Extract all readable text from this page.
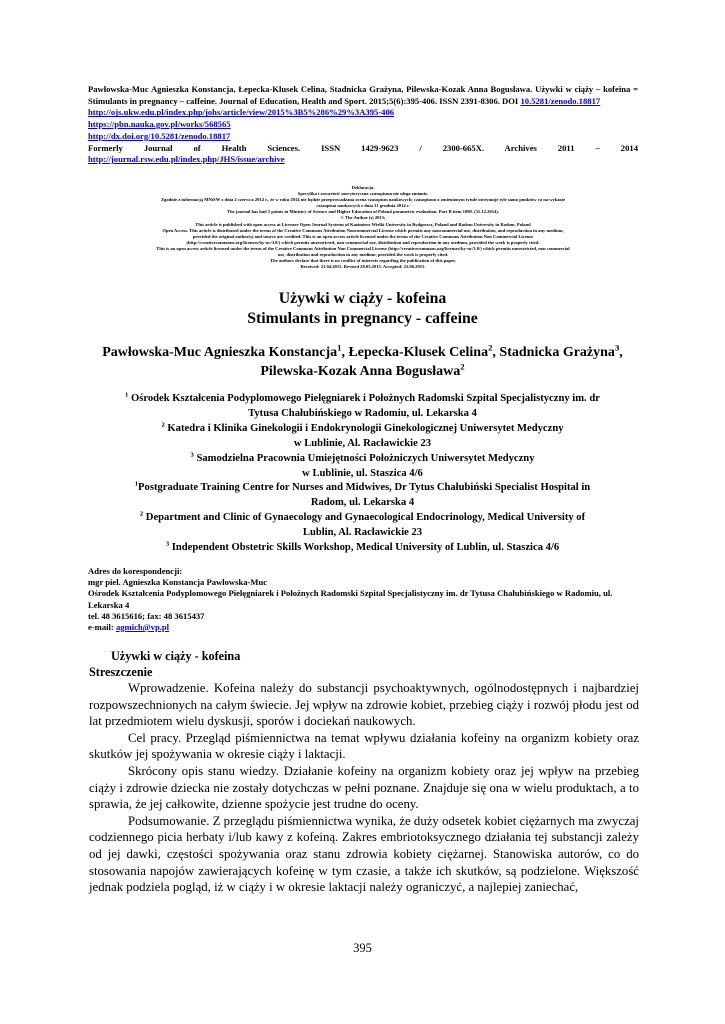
Pawłowska-Muc Agnieszka Konstancja, Łepecka-Klusek Celina, Stadnicka Grażyna, Pilewska-Kozak Anna Bogusława. Używki w ciąży – kofeina = Stimulants in pregnancy – caffeine. Journal of Education, Health and Sport. 2015;5(6):395-406. ISSN 2391-8306. DOI 10.5281/zenodo.18817

http://ojs.ukw.edu.pl/index.php/johs/article/view/2015%3B5%286%29%3A395-406

https://pbn.nauka.gov.pl/works/568565

http://dx.doi.org/10.5281/zenodo.18817

Formerly Journal of Health Sciences. ISSN 1429-9623 / 2300-665X. Archives 2011 – 2014

http://journal.rsw.edu.pl/index.php/JHS/issue/archive

Deklaracja.

Specyfika i zawartość merytoryczna czasopisma nie ulega zmianie.

Zgodnie z informacją MNiSW z dnia 2 czerwca 2014 r., że w roku 2014 nie będzie przeprowadzana ocena czasopism naukowych; czasopismo o zmienionym tytule otrzymuje tyle samo punktów co na wykazie

czasopism naukowych z dnia 31 grudnia 2014 r.

The journal has had 5 points in Ministry of Science and Higher Education of Poland parametric evaluation. Part B item 1089. (31.12.2014).

© The Author (s) 2015;

This article is published with open access at Licensee Open Journal Systems of Kazimierz Wielki University in Bydgoszcz, Poland and Radom University in Radom, Poland

Open Access. This article is distributed under the terms of the Creative Commons Attribution Noncommercial License which permits any noncommercial use, distribution, and reproduction in any medium,

provided the original author(s) and source are credited. This is an open access article licensed under the terms of the Creative Commons Attribution Non Commercial License

(http://creativecommons.org/licenses/by-nc/3.0/) which permits unrestricted, non commercial use, distribution and reproduction in any medium, provided the work is properly cited.

This is an open access article licensed under the terms of the Creative Commons Attribution Non Commercial License (http://creativecommons.org/licenses/by-nc/3.0/) which permits unrestricted, non commercial

use, distribution and reproduction in any medium, provided the work is properly cited.

The authors declare that there is no conflict of interests regarding the publication of this paper.

Received: 21.04.2015. Revised 28.05.2015. Accepted: 22.06.2015.

Używki w ciąży - kofeina

Stimulants in pregnancy - caffeine

Pawłowska-Muc Agnieszka Konstancja$^1$, Łepecka-Klusek Celina$^2$, Stadnicka Grażyna$^3$,

Pilewska-Kozak Anna Bogusława$^2$

$^1$ Ośrodek Kształcenia Podyplomowego Pielęgniarek i Położnych Radomski Szpital Specjalistyczny im. dr

Tytusa Chałubińskiego w Radomiu, ul. Lekarska 4

$^2$ Katedra i Klinika Ginekologii i Endokrynologii Ginekologicznej Uniwersytet Medyczny

w Lublinie, Al. Racławickie 23

$^3$ Samodzielna Pracownia Umiejętności Położniczych Uniwersytet Medyczny

w Lublinie, ul. Staszica 4/6

$^1$Postgraduate Training Centre for Nurses and Midwives, Dr Tytus Chałubiński Specialist Hospital in

Radom, ul. Lekarska 4

$^2$ Department and Clinic of Gynaecology and Gynaecological Endocrinology, Medical University of

Lublin, Al. Racławickie 23

$^3$ Independent Obstetric Skills Workshop, Medical University of Lublin, ul. Staszica 4/6

Adres do korespondencji:

mgr piel. Agnieszka Konstancja Pawłowska-Muc

Ośrodek Kształcenia Podyplomowego Pielęgniarek i Położnych Radomski Szpital Specjalistyczny im. dr Tytusa Chałubińskiego w Radomiu, ul. Lekarska 4

tel. 48 3615616; fax: 48 3615437

e-mail: agmich@vp.pl

Używki w ciąży - kofeina
Streszczenie

Wprowadzenie. Kofeina należy do substancji psychoaktywnych, ogólnodostępnych i najbardziej rozpowszechnionych na całym świecie. Jej wpływ na zdrowie kobiet, przebieg ciąży i rozwój płodu jest od lat przedmiotem wielu dyskusji, sporów i dociekań naukowych.

Cel pracy. Przegląd piśmiennictwa na temat wpływu działania kofeiny na organizm kobiety oraz skutków jej spożywania w okresie ciąży i laktacji.

Skrócony opis stanu wiedzy. Działanie kofeiny na organizm kobiety oraz jej wpływ na przebieg ciąży i zdrowie dziecka nie zostały dotychczas w pełni poznane. Znajduje się ona w wielu produktach, a to sprawia, że jej całkowite, dzienne spożycie jest trudne do oceny.

Podsumowanie. Z przeglądu piśmiennictwa wynika, że duży odsetek kobiet ciężarnych ma zwyczaj codziennego picia herbaty i/lub kawy z kofeiną. Zakres embriotoksycznego działania tej substancji zależy od jej dawki, częstości spożywania oraz stanu zdrowia kobiety ciężarnej. Stanowiska autorów, co do stosowania napojów zawierających kofeinę w tym czasie, a także ich skutków, są podzielone. Większość jednak podziela pogląd, iż w ciąży i w okresie laktacji należy ograniczyć, a najlepiej zaniechać,

395
